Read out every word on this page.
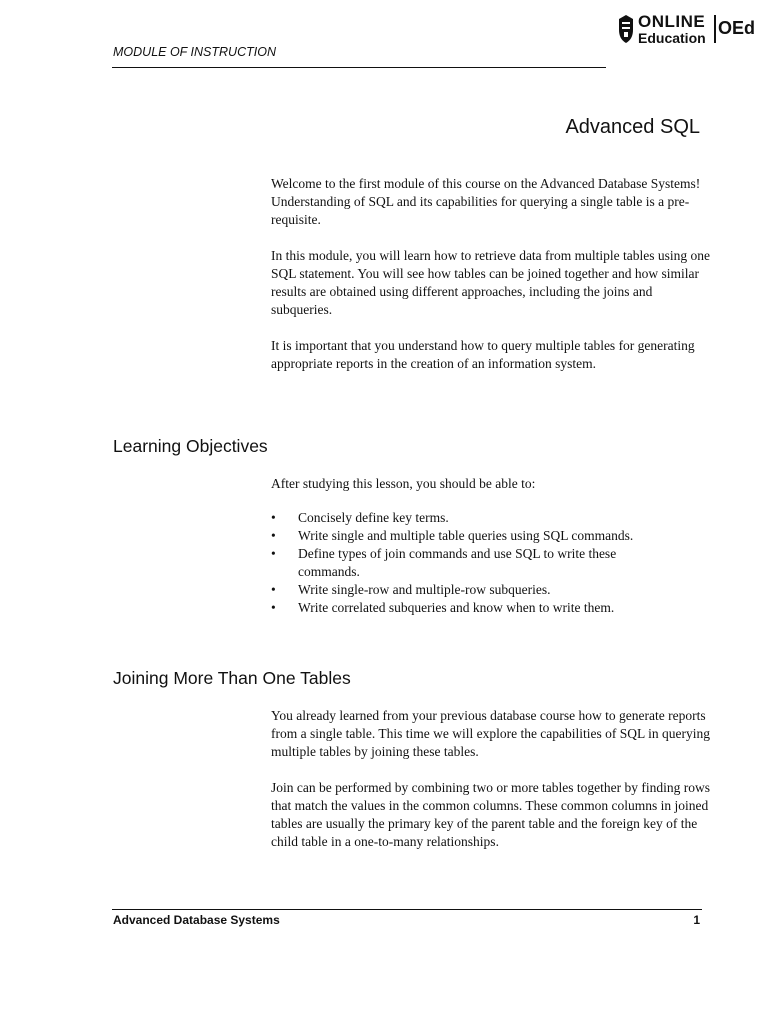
MODULE OF INSTRUCTION
ONLINE
Education OEd
Advanced SQL

Welcome to the first module of this course on the Advanced Database Systems! Understanding of SQL and its capabilities for querying a single table is a pre-requisite.

In this module, you will learn how to retrieve data from multiple tables using one SQL statement. You will see how tables can be joined together and how similar results are obtained using different approaches, including the joins and subqueries.

It is important that you understand how to query multiple tables for generating appropriate reports in the creation of an information system.

Learning Objectives

After studying this lesson, you should be able to:

• Concisely define key terms.
• Write single and multiple table queries using SQL commands.
• Define types of join commands and use SQL to write these commands.
• Write single-row and multiple-row subqueries.
• Write correlated subqueries and know when to write them.
Joining More Than One Tables

You already learned from your previous database course how to generate reports from a single table. This time we will explore the capabilities of SQL in querying multiple tables by joining these tables.

Join can be performed by combining two or more tables together by finding rows that match the values in the common columns. These common columns in joined tables are usually the primary key of the parent table and the foreign key of the child table in a one-to-many relationships.

Advanced Database Systems	1
